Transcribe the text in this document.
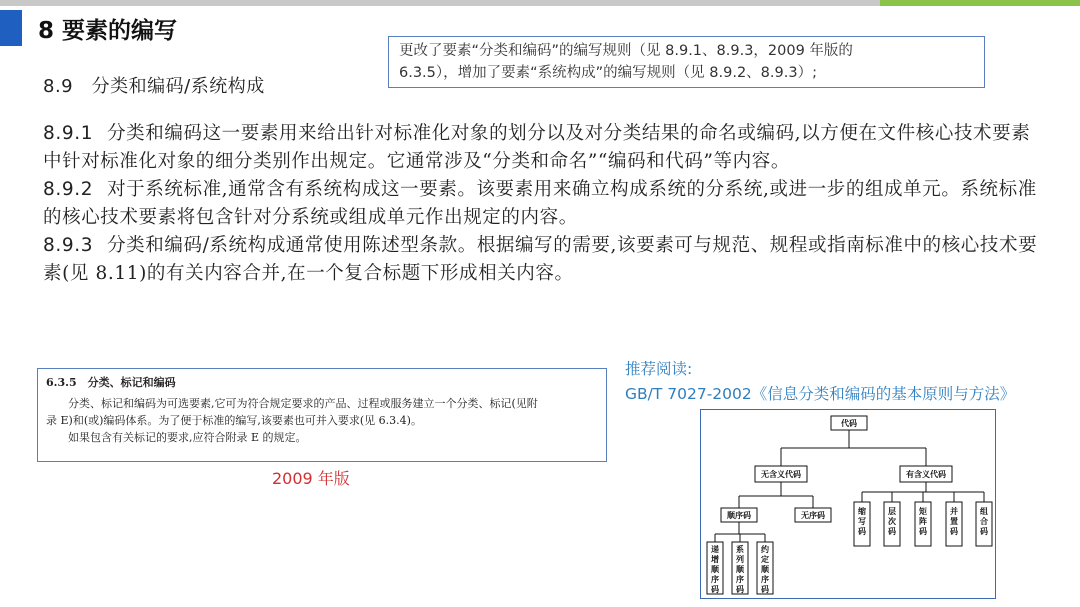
8 要素的编写
8.9　分类和编码/系统构成

更改了要素“分类和编码”的编写规则（见 8.9.1、8.9.3，2009 年版的

6.3.5），增加了要素“系统构成”的编写规则（见 8.9.2、8.9.3）;

8.9.1 分类和编码这一要素用来给出针对标准化对象的划分以及对分类结果的命名或编码,以方便在文件核心技术要素中针对标准化对象的细分类别作出规定。它通常涉及“分类和命名”“编码和代码”等内容。

8.9.2 对于系统标准,通常含有系统构成这一要素。该要素用来确立构成系统的分系统,或进一步的组成单元。系统标准的核心技术要素将包含针对分系统或组成单元作出规定的内容。

8.9.3 分类和编码/系统构成通常使用陈述型条款。根据编写的需要,该要素可与规范、规程或指南标准中的核心技术要素(见 8.11)的有关内容合并,在一个复合标题下形成相关内容。

6.3.5　分类、标记和编码

分类、标记和编码为可选要素,它可为符合规定要求的产品、过程或服务建立一个分类、标记(见附

录 E)和(或)编码体系。为了便于标准的编写,该要素也可并入要求(见 6.3.4)。

如果包含有关标记的要求,应符合附录 E 的规定。

2009 年版
推荐阅读:
GB/T 7027-2002《信息分类和编码的基本原则与方法》
代码
无含义代码	有含义代码
顺序码	无序码
递增顺序码
系列顺序码
约定顺序码
缩写码
层次码
矩阵码
并置码
组合码
